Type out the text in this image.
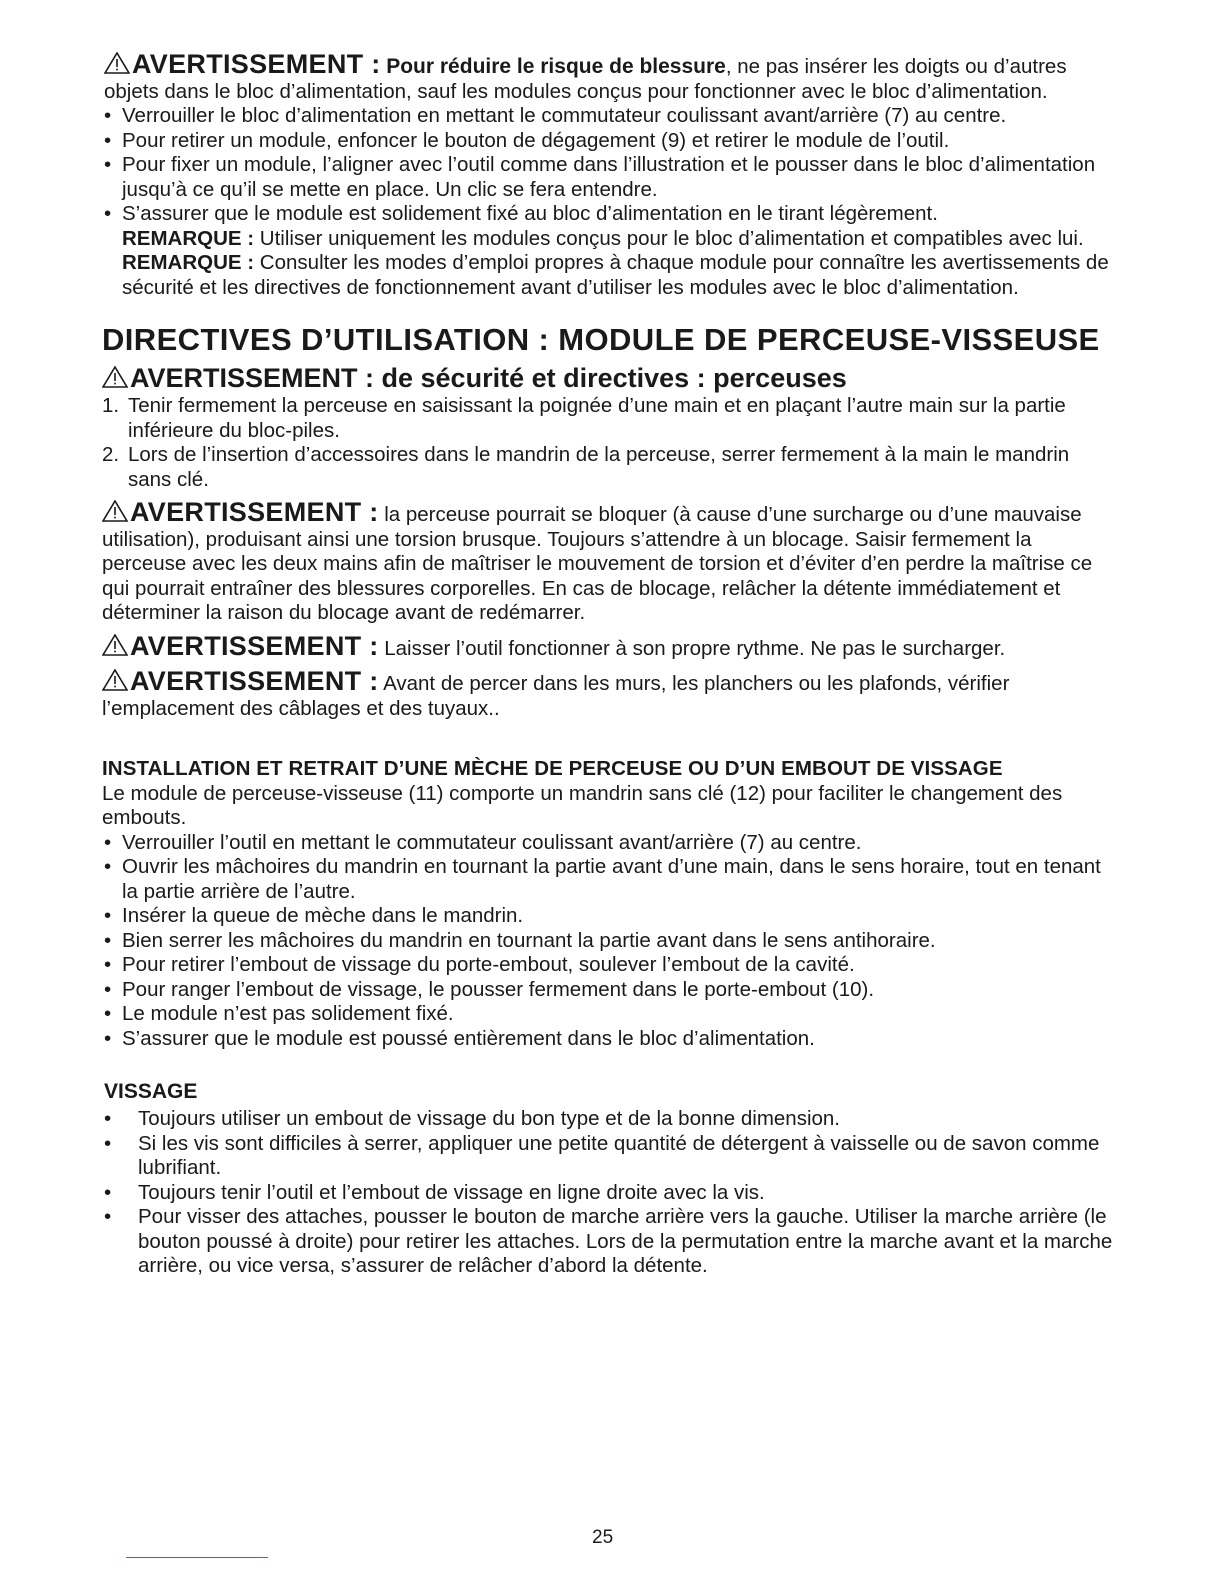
AVERTISSEMENT : Pour réduire le risque de blessure, ne pas insérer les doigts ou d’autres objets dans le bloc d’alimentation, sauf les modules conçus pour fonctionner avec le bloc d’alimentation.

• Verrouiller le bloc d’alimentation en mettant le commutateur coulissant avant/arrière (7) au centre.
• Pour retirer un module, enfoncer le bouton de dégagement (9) et retirer le module de l’outil.
• Pour fixer un module, l’aligner avec l’outil comme dans l’illustration et le pousser dans le bloc d’alimentation jusqu’à ce qu’il se mette en place. Un clic se fera entendre.
• S’assurer que le module est solidement fixé au bloc d’alimentation en le tirant légèrement.
REMARQUE : Utiliser uniquement les modules conçus pour le bloc d’alimentation et compatibles avec lui.
REMARQUE : Consulter les modes d’emploi propres à chaque module pour connaître les avertissements de sécurité et les directives de fonctionnement avant d’utiliser les modules avec le bloc d’alimentation.
DIRECTIVES D’UTILISATION : MODULE DE PERCEUSE-VISSEUSE
AVERTISSEMENT : de sécurité et directives : perceuses
1. Tenir fermement la perceuse en saisissant la poignée d’une main et en plaçant l’autre main sur la partie inférieure du bloc-piles.
2. Lors de l’insertion d’accessoires dans le mandrin de la perceuse, serrer fermement à la main le mandrin sans clé.

AVERTISSEMENT : la perceuse pourrait se bloquer (à cause d’une surcharge ou d’une mauvaise utilisation), produisant ainsi une torsion brusque. Toujours s’attendre à un blocage. Saisir fermement la perceuse avec les deux mains afin de maîtriser le mouvement de torsion et d’éviter d’en perdre la maîtrise ce qui pourrait entraîner des blessures corporelles. En cas de blocage, relâcher la détente immédiatement et déterminer la raison du blocage avant de redémarrer.

AVERTISSEMENT : Laisser l’outil fonctionner à son propre rythme. Ne pas le surcharger.

AVERTISSEMENT : Avant de percer dans les murs, les planchers ou les plafonds, vérifier l’emplacement des câblages et des tuyaux..

INSTALLATION ET RETRAIT D’UNE MÈCHE DE PERCEUSE OU D’UN EMBOUT DE VISSAGE

Le module de perceuse-visseuse (11) comporte un mandrin sans clé (12) pour faciliter le changement des embouts.

• Verrouiller l’outil en mettant le commutateur coulissant avant/arrière (7) au centre.
• Ouvrir les mâchoires du mandrin en tournant la partie avant d’une main, dans le sens horaire, tout en tenant la partie arrière de l’autre.
• Insérer la queue de mèche dans le mandrin.
• Bien serrer les mâchoires du mandrin en tournant la partie avant dans le sens antihoraire.
• Pour retirer l’embout de vissage du porte-embout, soulever l’embout de la cavité.
• Pour ranger l’embout de vissage, le pousser fermement dans le porte-embout (10).
• Le module n’est pas solidement fixé.
• S’assurer que le module est poussé entièrement dans le bloc d’alimentation.
VISSAGE
• Toujours utiliser un embout de vissage du bon type et de la bonne dimension.
• Si les vis sont difficiles à serrer, appliquer une petite quantité de détergent à vaisselle ou de savon comme lubrifiant.
• Toujours tenir l’outil et l’embout de vissage en ligne droite avec la vis.
• Pour visser des attaches, pousser le bouton de marche arrière vers la gauche. Utiliser la marche arrière (le bouton poussé à droite) pour retirer les attaches. Lors de la permutation entre la marche avant et la marche arrière, ou vice versa, s’assurer de relâcher d’abord la détente.
25
